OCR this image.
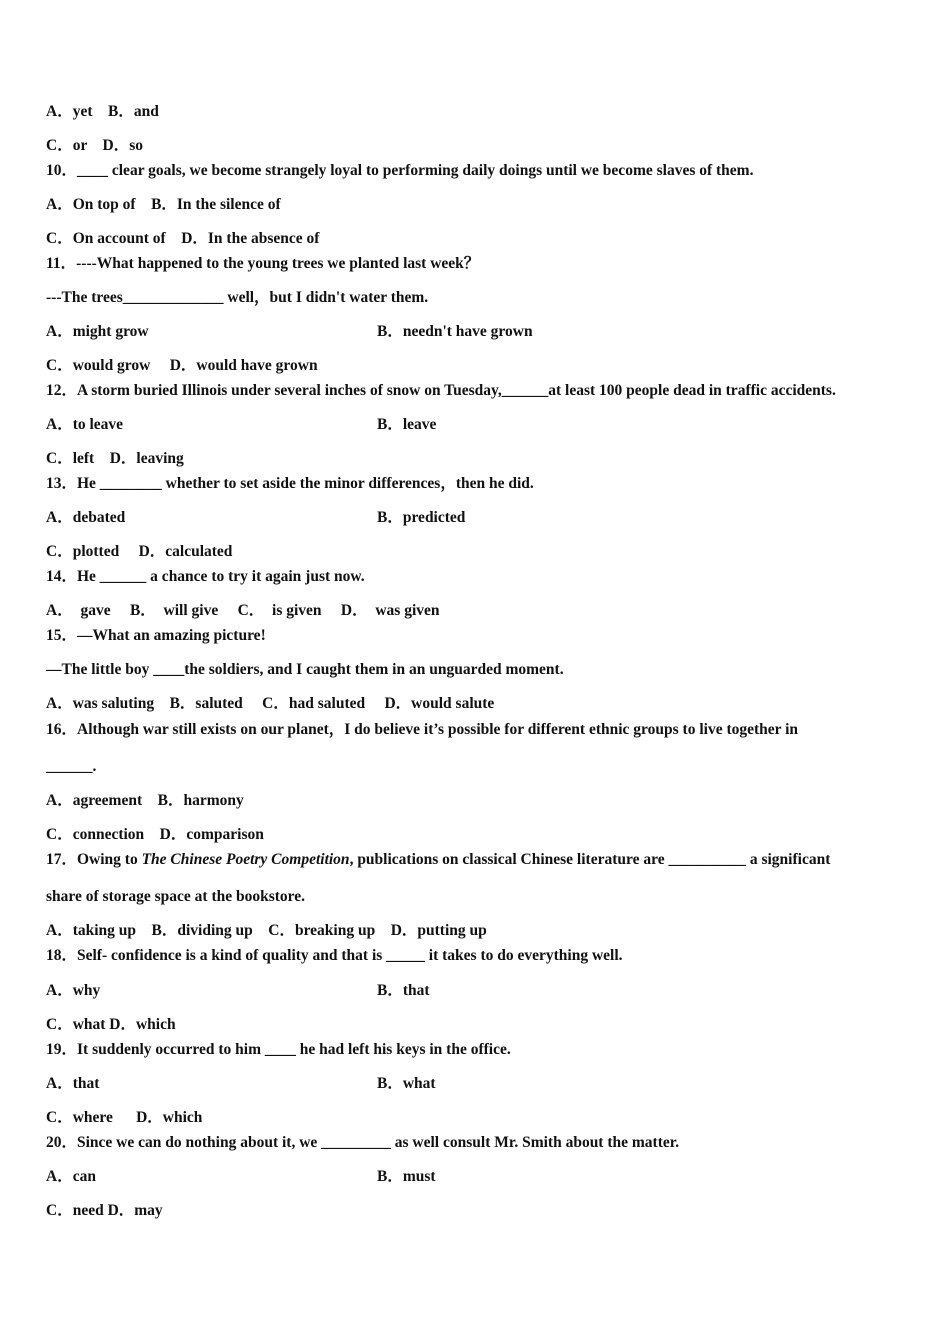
A．yet    B．and
C．or    D．so
10．____ clear goals, we become strangely loyal to performing daily doings until we become slaves of them.
A．On top of    B．In the silence of
C．On account of    D．In the absence of
11．----What happened to the young trees we planted last week？
---The trees_____________ well，but I didn't water them.
A．might grow	B．needn't have grown
C．would grow     D．would have grown
12．A storm buried Illinois under several inches of snow on Tuesday,______at least 100 people dead in traffic accidents.
A．to leave	B．leave
C．left    D．leaving
13．He ________ whether to set aside the minor differences，then he did.
A．debated	B．predicted
C．plotted     D．calculated
14．He ______ a chance to try it again just now.
A．  gave     B．  will give     C．  is given     D．  was given
15．—What an amazing picture!
—The little boy ____the soldiers, and I caught them in an unguarded moment.
A．was saluting    B．saluted     C．had saluted     D．would salute
16．Although war still exists on our planet，I do believe it’s possible for different ethnic groups to live together in
______.
A．agreement    B．harmony
C．connection    D．comparison
17．Owing to The Chinese Poetry Competition, publications on classical Chinese literature are __________ a significant
share of storage space at the bookstore.
A．taking up    B．dividing up    C．breaking up    D．putting up
18．Self- confidence is a kind of quality and that is _____ it takes to do everything well.
A．why	B．that
C．what D．which
19．It suddenly occurred to him ____ he had left his keys in the office.
A．that	B．what
C．where      D．which
20．Since we can do nothing about it, we _________ as well consult Mr. Smith about the matter.
A．can	B．must
C．need D．may
